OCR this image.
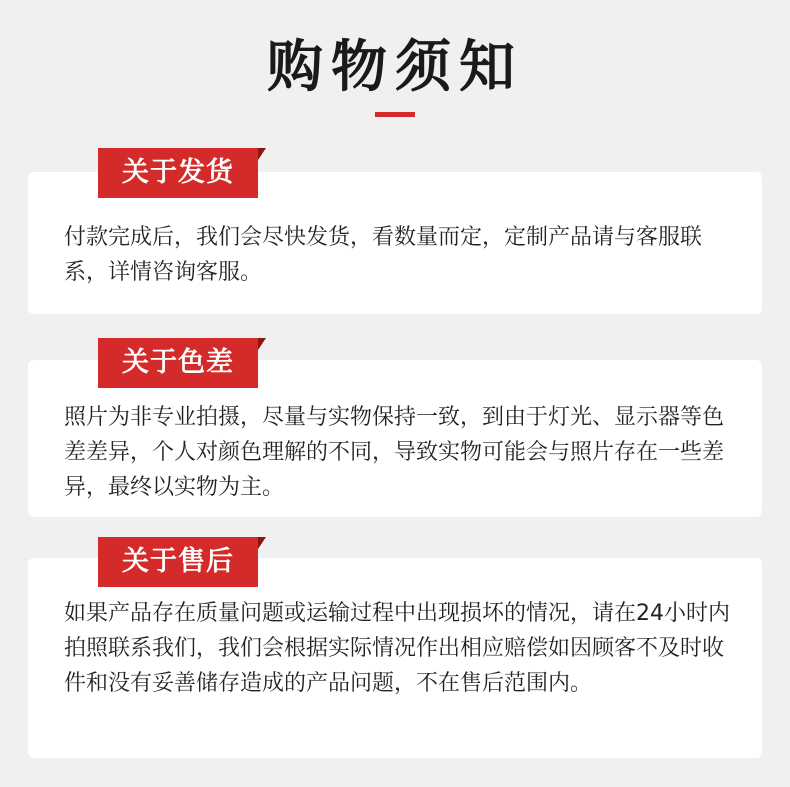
购物须知
付款完成后，我们会尽快发货，看数量而定，定制产品请与客服联系，详情咨询客服。
关于发货
照片为非专业拍摄，尽量与实物保持一致，到由于灯光、显示器等色差差异，个人对颜色理解的不同，导致实物可能会与照片存在一些差异，最终以实物为主。
关于色差
如果产品存在质量问题或运输过程中出现损坏的情况，请在24小时内拍照联系我们，我们会根据实际情况作出相应赔偿如因顾客不及时收件和没有妥善储存造成的产品问题，不在售后范围内。
关于售后
